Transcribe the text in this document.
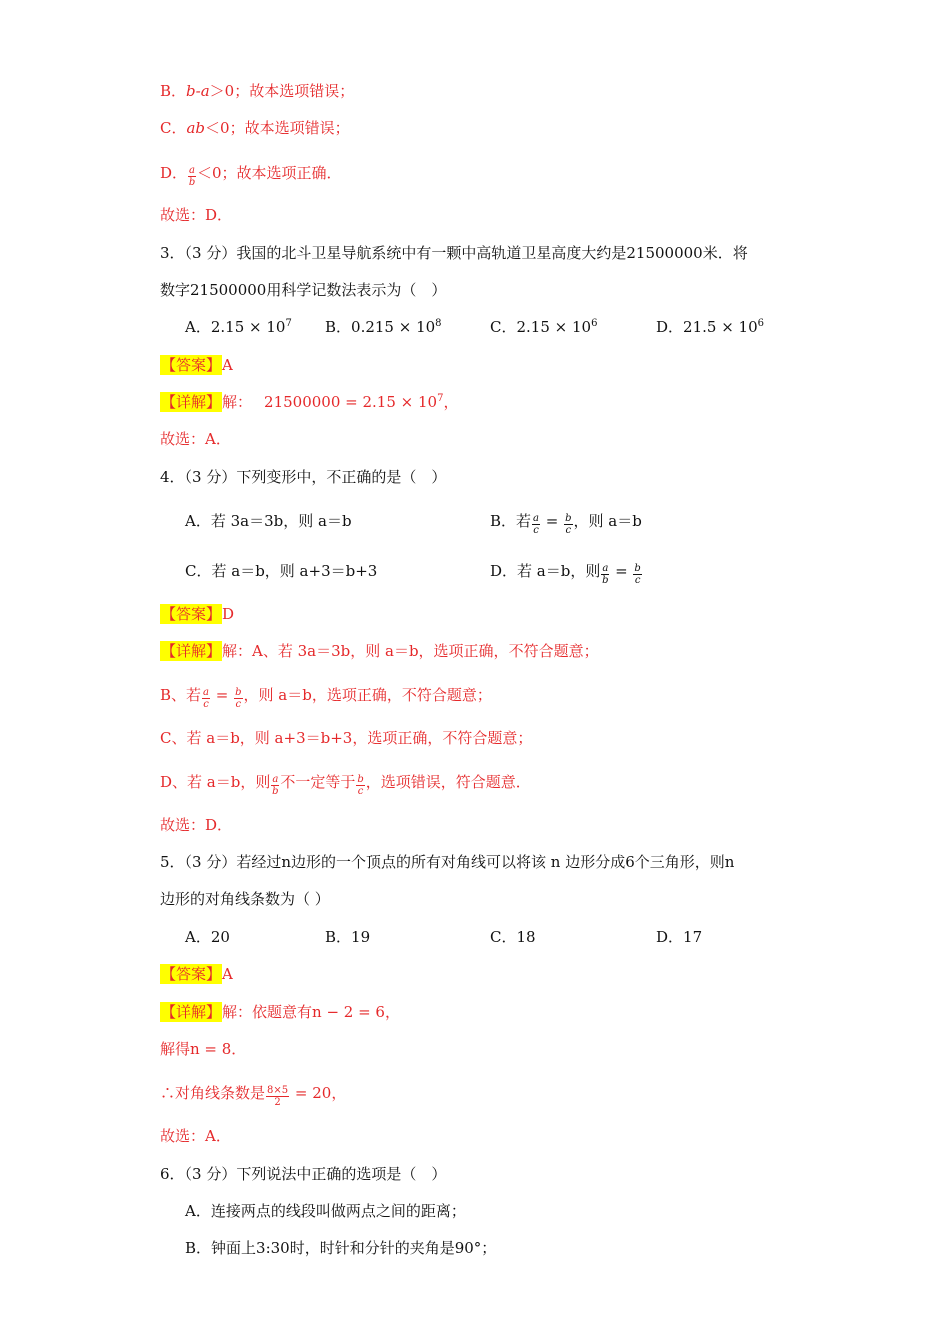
B．b-a＞0；故本选项错误；
C．ab＜0；故本选项错误；
D． $\frac{a}{b} <0$；故本选项正确．
故选：D．
3．（3 分）我国的北斗卫星导航系统中有一颗中高轨道卫星高度大约是21500000米．将
数字21500000用科学记数法表示为（　）
A．$2.15 \times 10^7$ B．$0.215 \times 10^8$	C．$2.15 \times 10^6$	D．$21.5 \times 10^6$
【答案】A
【详解】解： $21500000 = 2.15 \times 10^7$，
故选：A．
4．（3 分）下列变形中，不正确的是（　）
A．若 3a＝3b，则 a＝b	B．若 $\frac{a}{c} = \frac{b}{c}$ ，则 a＝b
C．若 a＝b，则 a+3＝b+3	D．若 a＝b，则 $\frac{a}{b} = \frac{b}{c}$
【答案】D
【详解】解：A、若 3a＝3b，则 a＝b，选项正确，不符合题意；
B、若 $\frac{a}{c} = \frac{b}{c}$ ，则 a＝b，选项正确，不符合题意；
C、若 a＝b，则 a+3＝b+3，选项正确，不符合题意；
D、若 a＝b，则 $\frac{a}{b}$ 不一定等于 $\frac{b}{c}$ ，选项错误，符合题意．
故选：D．
5．（3 分）若经过n边形的一个顶点的所有对角线可以将该 n 边形分成6个三角形，则n
边形的对角线条数为（ ）
A．20	B．19	C．18	D．17
【答案】A
【详解】解：依题意有n − 2 = 6，
解得n = 8．
∴对角线条数是 $\frac{8\times 5}{2} = 20$，
故选：A．
6．（3 分）下列说法中正确的选项是（　）
A．连接两点的线段叫做两点之间的距离；
B．钟面上3:30时，时针和分针的夹角是90°；
